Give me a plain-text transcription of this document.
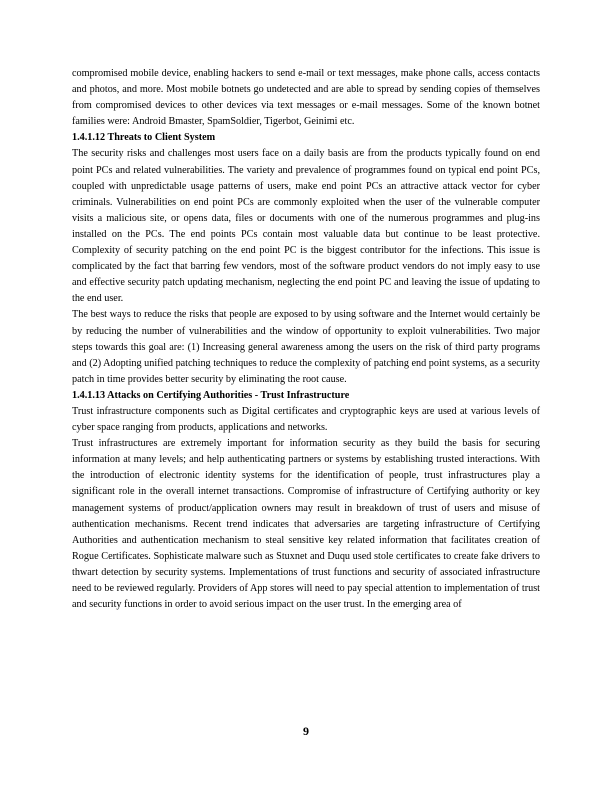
compromised mobile device, enabling hackers to send e-mail or text messages, make phone calls, access contacts and photos, and more. Most mobile botnets go undetected and are able to spread by sending copies of themselves from compromised devices to other devices via text messages or e-mail messages. Some of the known botnet families were: Android Bmaster, SpamSoldier, Tigerbot, Geinimi etc.

1.4.1.12 Threats to Client System

The security risks and challenges most users face on a daily basis are from the products typically found on end point PCs and related vulnerabilities. The variety and prevalence of programmes found on typical end point PCs, coupled with unpredictable usage patterns of users, make end point PCs an attractive attack vector for cyber criminals. Vulnerabilities on end point PCs are commonly exploited when the user of the vulnerable computer visits a malicious site, or opens data, files or documents with one of the numerous programmes and plug-ins installed on the PCs. The end points PCs contain most valuable data but continue to be least protective. Complexity of security patching on the end point PC is the biggest contributor for the infections. This issue is complicated by the fact that barring few vendors, most of the software product vendors do not imply easy to use and effective security patch updating mechanism, neglecting the end point PC and leaving the issue of updating to the end user.

The best ways to reduce the risks that people are exposed to by using software and the Internet would certainly be by reducing the number of vulnerabilities and the window of opportunity to exploit vulnerabilities. Two major steps towards this goal are: (1) Increasing general awareness among the users on the risk of third party programs and (2) Adopting unified patching techniques to reduce the complexity of patching end point systems, as a security patch in time provides better security by eliminating the root cause.

1.4.1.13 Attacks on Certifying Authorities - Trust Infrastructure

Trust infrastructure components such as Digital certificates and cryptographic keys are used at various levels of cyber space ranging from products, applications and networks.

Trust infrastructures are extremely important for information security as they build the basis for securing information at many levels; and help authenticating partners or systems by establishing trusted interactions. With the introduction of electronic identity systems for the identification of people, trust infrastructures play a significant role in the overall internet transactions. Compromise of infrastructure of Certifying authority or key management systems of product/application owners may result in breakdown of trust of users and misuse of authentication mechanisms. Recent trend indicates that adversaries are targeting infrastructure of Certifying Authorities and authentication mechanism to steal sensitive key related information that facilitates creation of Rogue Certificates. Sophisticate malware such as Stuxnet and Duqu used stole certificates to create fake drivers to thwart detection by security systems. Implementations of trust functions and security of associated infrastructure need to be reviewed regularly. Providers of App stores will need to pay special attention to implementation of trust and security functions in order to avoid serious impact on the user trust. In the emerging area of

9
